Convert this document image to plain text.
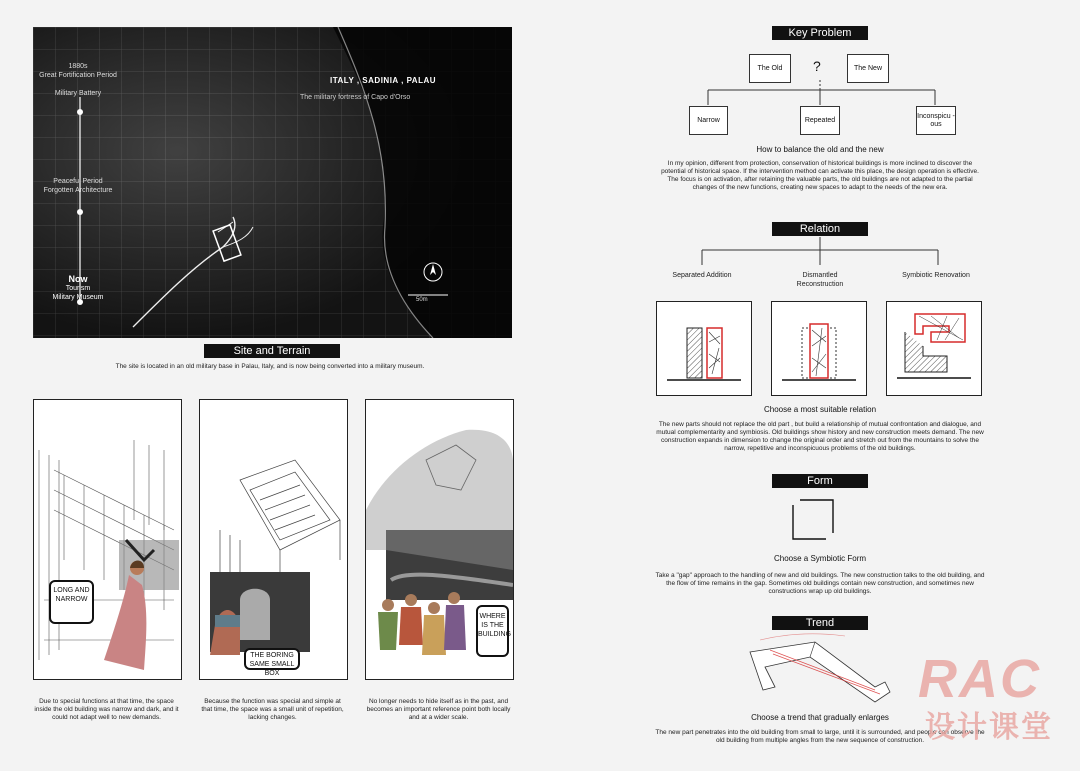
1880s
Great Fortification Period
Military Battery
Peaceful Period
Forgotten Architecture
Now
Tourism
Military Museum
ITALY , SADINIA , PALAU
The military fortress of Capo d'Orso
50m
Site and Terrain
The site is located in an old military base in Palau, Italy, and is now being converted into a military museum.
LONG AND NARROW
THE BORING SAME SMALL BOX
WHERE IS THE BUILDING
Due to special functions at that time, the space inside the old building was narrow and dark, and it could not adapt well to new demands.
Because the function was special and simple at that time, the space was a small unit of repetition, lacking changes.
No longer needs to hide itself as in the past, and becomes an important reference point both locally and at a wider scale.
Key Problem
The Old	?	The New
Narrow	Repeated
Inconspicu -ous
How to balance the old and the new
In my opinion, different from protection, conservation of historical buildings is more inclined to discover the potential of historical space. If the intervention method can activate this place, the design operation is effective. The focus is on activation, after retaining the valuable parts, the old buildings are not adapted to the partial changes of the new functions, creating new spaces to adapt to the needs of the new era.
Relation
Separated Addition	Dismantled Reconstruction
Symbiotic Renovation
Choose a most suitable relation
The new parts should not replace the old part , but build a relationship of mutual confrontation and dialogue, and mutual complementarity and symbiosis. Old buildings show history and new construction meets demand. The new construction expands in dimension to change the original order and stretch out from the mountains to solve the narrow, repetitive and inconspicuous problems of the old buildings.
Form
Choose a Symbiotic Form
Take a "gap" approach to the handling of new and old buildings. The new construction talks to the old building, and the flow of time remains in the gap. Sometimes old buildings contain new construction, and sometimes new constructions wrap up old buildings.
Trend
Choose a trend that gradually enlarges
The new part penetrates into the old building from small to large, until it is surrounded, and people can observe the old building from multiple angles from the new sequence of construction.
RAC
设计课堂
